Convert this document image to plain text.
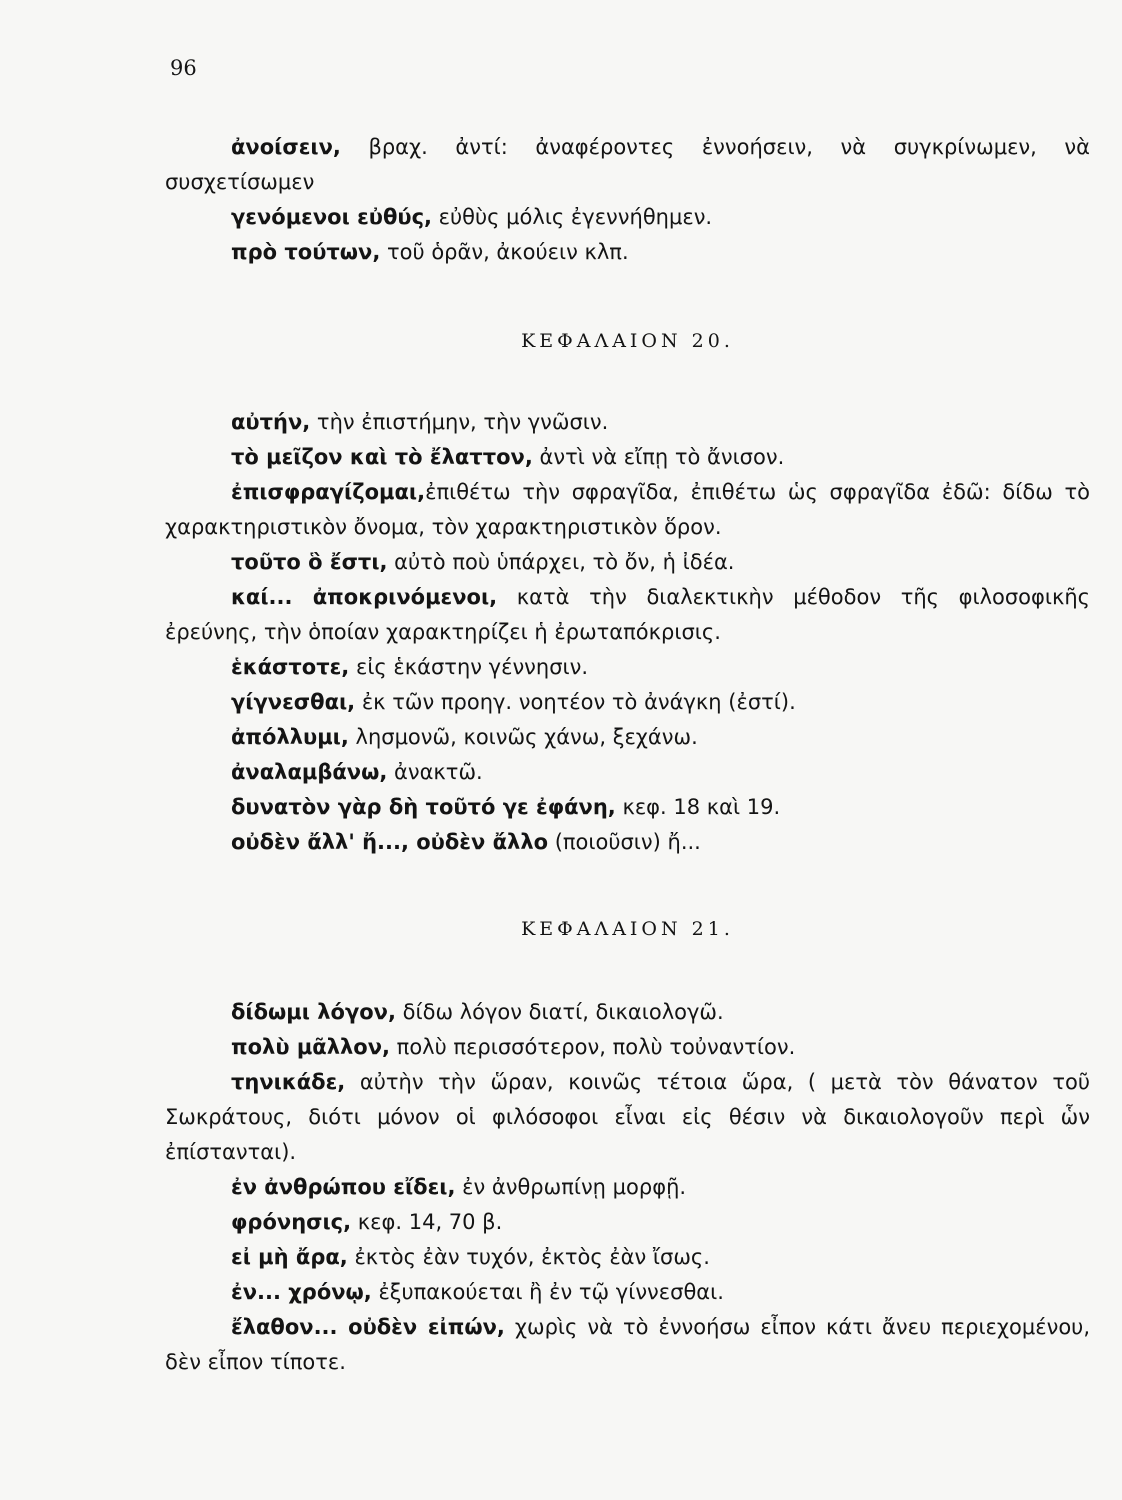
96

ἀνοίσειν, βραχ. ἀντί: ἀναφέροντες ἐννοήσειν, νὰ συγκρίνωμεν, νὰ συσχετίσωμεν

γενόμενοι εὐθύς, εὐθὺς μόλις ἐγεννήθημεν.

πρὸ τούτων, τοῦ ὁρᾶν, ἀκούειν κλπ.

ΚΕΦΑΛΑΙΟΝ 20.

αὐτήν, τὴν ἐπιστήμην, τὴν γνῶσιν.

τὸ μεῖζον καὶ τὸ ἔλαττον, ἀντὶ νὰ εἴπῃ τὸ ἄνισον.

ἐπισφραγίζομαι,ἐπιθέτω τὴν σφραγῖδα, ἐπιθέτω ὡς σφραγῖδα ἐδῶ: δίδω τὸ χαρακτηριστικὸν ὄνομα, τὸν χαρακτηριστικὸν ὅρον.

τοῦτο ὃ ἔστι, αὐτὸ ποὺ ὑπάρχει, τὸ ὄν, ἡ ἰδέα.

καί... ἀποκρινόμενοι, κατὰ τὴν διαλεκτικὴν μέθοδον τῆς φιλοσοφικῆς ἐρεύνης, τὴν ὁποίαν χαρακτηρίζει ἡ ἐρωταπόκρισις.

ἑκάστοτε, εἰς ἑκάστην γέννησιν.

γίγνεσθαι, ἐκ τῶν προηγ. νοητέον τὸ ἀνάγκη (ἐστί).

ἀπόλλυμι, λησμονῶ, κοινῶς χάνω, ξεχάνω.

ἀναλαμβάνω, ἀνακτῶ.

δυνατὸν γὰρ δὴ τοῦτό γε ἐφάνη, κεφ. 18 καὶ 19.

οὐδὲν ἄλλ' ἤ..., οὐδὲν ἄλλο (ποιοῦσιν) ἤ...

ΚΕΦΑΛΑΙΟΝ 21.

δίδωμι λόγον, δίδω λόγον διατί, δικαιολογῶ.

πολὺ μᾶλλον, πολὺ περισσότερον, πολὺ τοὐναντίον.

τηνικάδε, αὐτὴν τὴν ὥραν, κοινῶς τέτοια ὥρα, ( μετὰ τὸν θάνατον τοῦ Σωκράτους, διότι μόνον οἱ φιλόσοφοι εἶναι εἰς θέσιν νὰ δικαιολογοῦν περὶ ὧν ἐπίστανται).

ἐν ἀνθρώπου εἴδει, ἐν ἀνθρωπίνῃ μορφῇ.

φρόνησις, κεφ. 14, 70 β.

εἰ μὴ ἄρα, ἐκτὸς ἐὰν τυχόν, ἐκτὸς ἐὰν ἴσως.

ἐν... χρόνῳ, ἐξυπακούεται ἢ ἐν τῷ γίννεσθαι.

ἔλαθον... οὐδὲν εἰπών, χωρὶς νὰ τὸ ἐννοήσω εἶπον κάτι ἄνευ περιεχομένου, δὲν εἶπον τίποτε.
